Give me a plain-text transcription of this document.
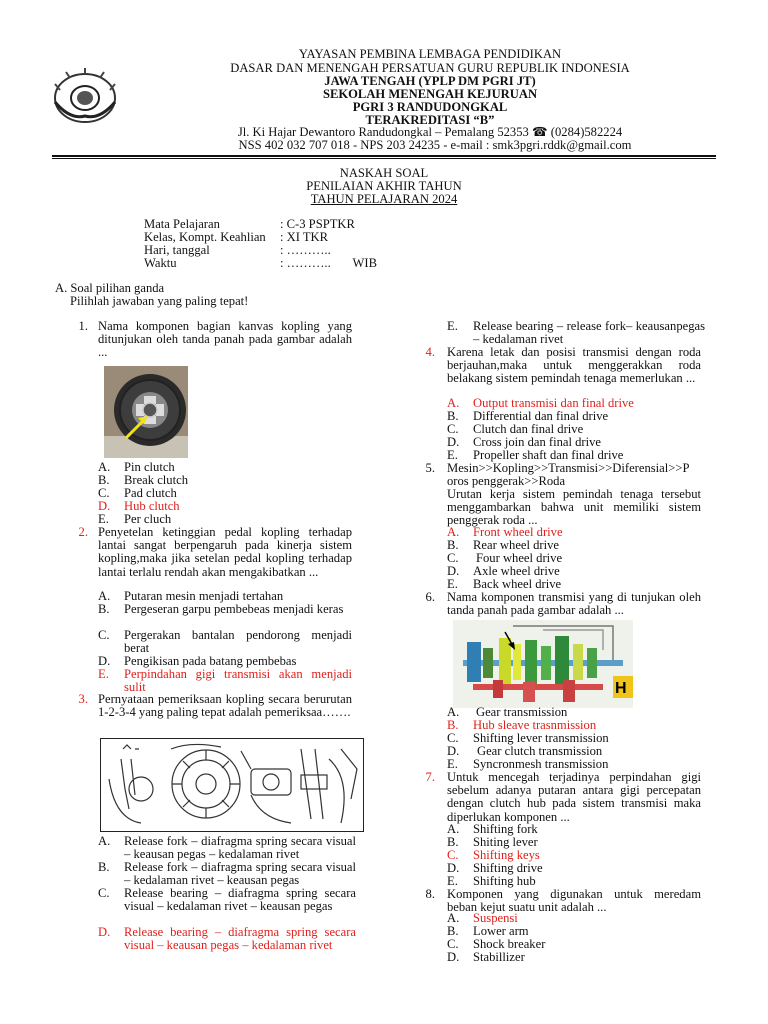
YAYASAN PEMBINA LEMBAGA PENDIDIKAN
DASAR DAN MENENGAH PERSATUAN GURU REPUBLIK INDONESIA
JAWA TENGAH (YPLP DM PGRI JT)
SEKOLAH MENENGAH KEJURUAN
PGRI 3 RANDUDONGKAL
TERAKREDITASI “B”
Jl. Ki Hajar Dewantoro Randudongkal – Pemalang 52353 ☎ (0284)582224
NSS 402 032 707 018 - NPS 203 24235 - e-mail : smk3pgri.rddk@gmail.com
NASKAH SOAL
PENILAIAN AKHIR TAHUN
TAHUN PELAJARAN 2024
Mata Pelajaran	: C-3 PSPTKR
Kelas, Kompt. Keahlian : XI TKR
Hari, tanggal	: ………..
Waktu	: ………..       WIB
A. Soal pilihan ganda
Pilihlah jawaban yang paling tepat!
1. Nama komponen bagian kanvas kopling yang ditunjukan oleh tanda panah pada gambar adalah ...
A.	Pin clutch
B.	Break clutch
C.	Pad clutch
D.	Hub clutch
E.	Per cluch
2. Penyetelan ketinggian pedal kopling terhadap lantai sangat berpengaruh pada kinerja sistem kopling,maka jika setelan pedal kopling terhadap lantai terlalu rendah akan mengakibatkan ...
A.	Putaran mesin menjadi tertahan
B.	Pergeseran garpu pembebeas menjadi keras
C.	Pergerakan bantalan pendorong menjadi berat
D.	Pengikisan pada batang pembebas
E.	Perpindahan gigi transmisi akan menjadi sulit
3. Pernyataan pemeriksaan kopling secara berurutan 1-2-3-4 yang paling tepat adalah pemeriksaa…….
A.	Release fork – diafragma spring secara visual – keausan pegas – kedalaman rivet
B.	Release fork – diafragma spring secara visual – kedalaman rivet – keausan pegas
C.	Release bearing – diafragma spring secara visual – kedalaman rivet – keausan pegas
D.	Release bearing – diafragma spring secara visual – keausan pegas – kedalaman rivet
E.	Release bearing – release fork– keausanpegas – kedalaman rivet
4. Karena letak dan posisi transmisi dengan roda berjauhan,maka untuk menggerakkan roda belakang sistem pemindah tenaga memerlukan ...
A.	Output transmisi dan final drive
B.	Differential dan final drive
C.	Clutch dan final drive
D.	Cross join dan final drive
E.	Propeller shaft dan final drive
5. Mesin>>Kopling>>Transmisi>>Diferensial>>P oros penggerak>>Roda
Urutan kerja sistem pemindah tenaga tersebut menggambarkan bahwa unit memiliki sistem penggerak roda ...
A.	Front wheel drive
B.	Rear wheel drive
C.	Four wheel drive
D.	Axle wheel drive
E.	Back wheel drive
6. Nama komponen transmisi yang di tunjukan oleh tanda panah pada gambar adalah ...
H
A.	Gear transmission
B.	Hub sleave trasnmission
C.	Shifting lever transmission
D.	Gear clutch transmission
E.	Syncronmesh transmission
7. Untuk mencegah terjadinya perpindahan gigi sebelum adanya putaran antara gigi percepatan dengan clutch hub pada sistem transmisi maka diperlukan komponen ...
A.	Shifting fork
B.	Shiting lever
C.	Shifting keys
D.	Shifting drive
E.	Shifting hub
8. Komponen yang digunakan untuk meredam beban kejut suatu unit adalah ...
A.	Suspensi
B.	Lower arm
C.	Shock breaker
D.	Stabillizer
